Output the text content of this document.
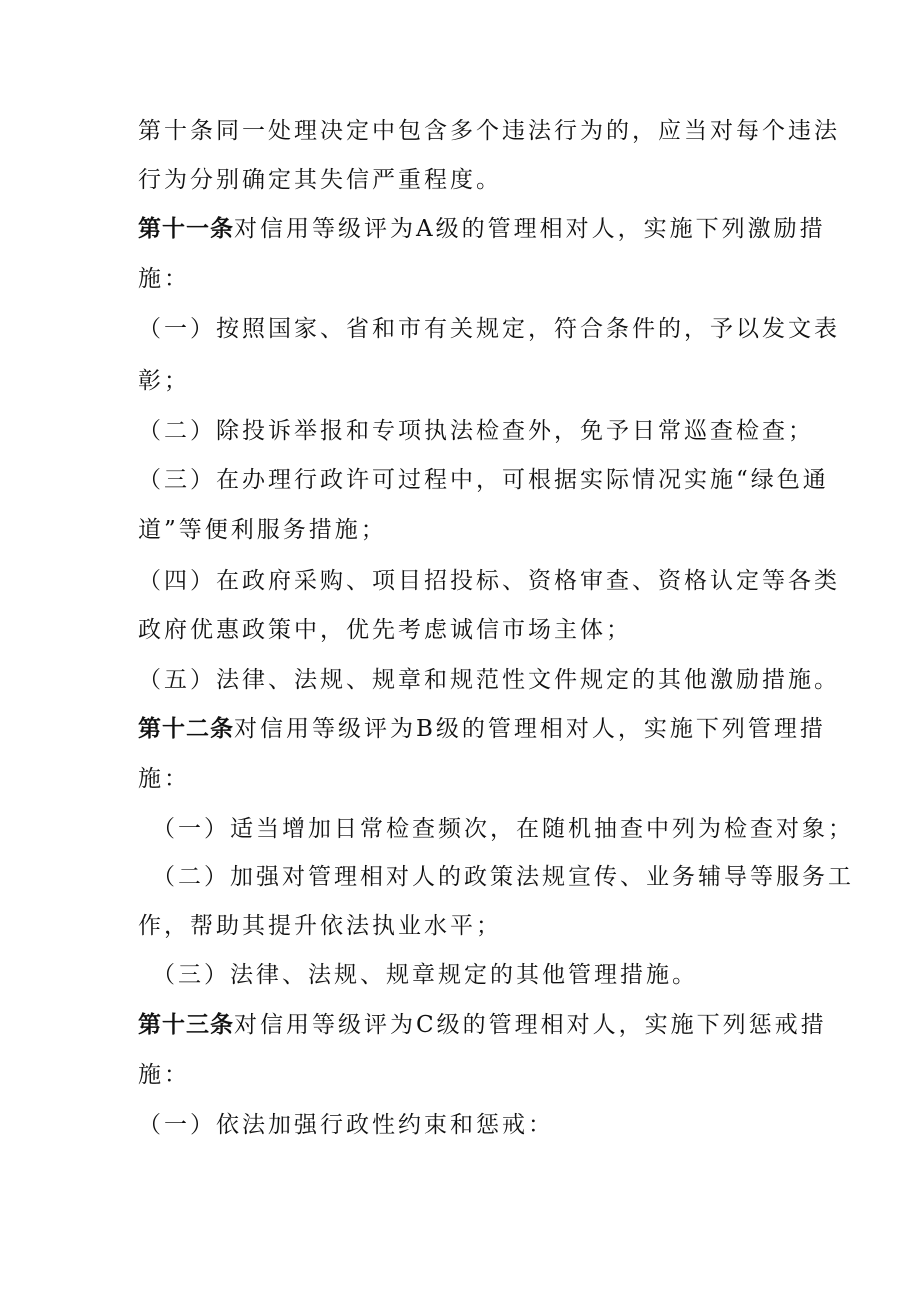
第十条同一处理决定中包含多个违法行为的，应当对每个违法
行为分别确定其失信严重程度。
第十一条对信用等级评为A级的管理相对人，实施下列激励措
施：
（一）按照国家、省和市有关规定，符合条件的，予以发文表
彰；
（二）除投诉举报和专项执法检查外，免予日常巡查检查；
（三）在办理行政许可过程中，可根据实际情况实施“绿色通
道”等便利服务措施；
（四）在政府采购、项目招投标、资格审查、资格认定等各类
政府优惠政策中，优先考虑诚信市场主体；
（五）法律、法规、规章和规范性文件规定的其他激励措施。
第十二条对信用等级评为B级的管理相对人，实施下列管理措
施：
（一）适当增加日常检查频次，在随机抽查中列为检查对象；
（二）加强对管理相对人的政策法规宣传、业务辅导等服务工
作，帮助其提升依法执业水平；
（三）法律、法规、规章规定的其他管理措施。
第十三条对信用等级评为C级的管理相对人，实施下列惩戒措
施：
（一）依法加强行政性约束和惩戒：
